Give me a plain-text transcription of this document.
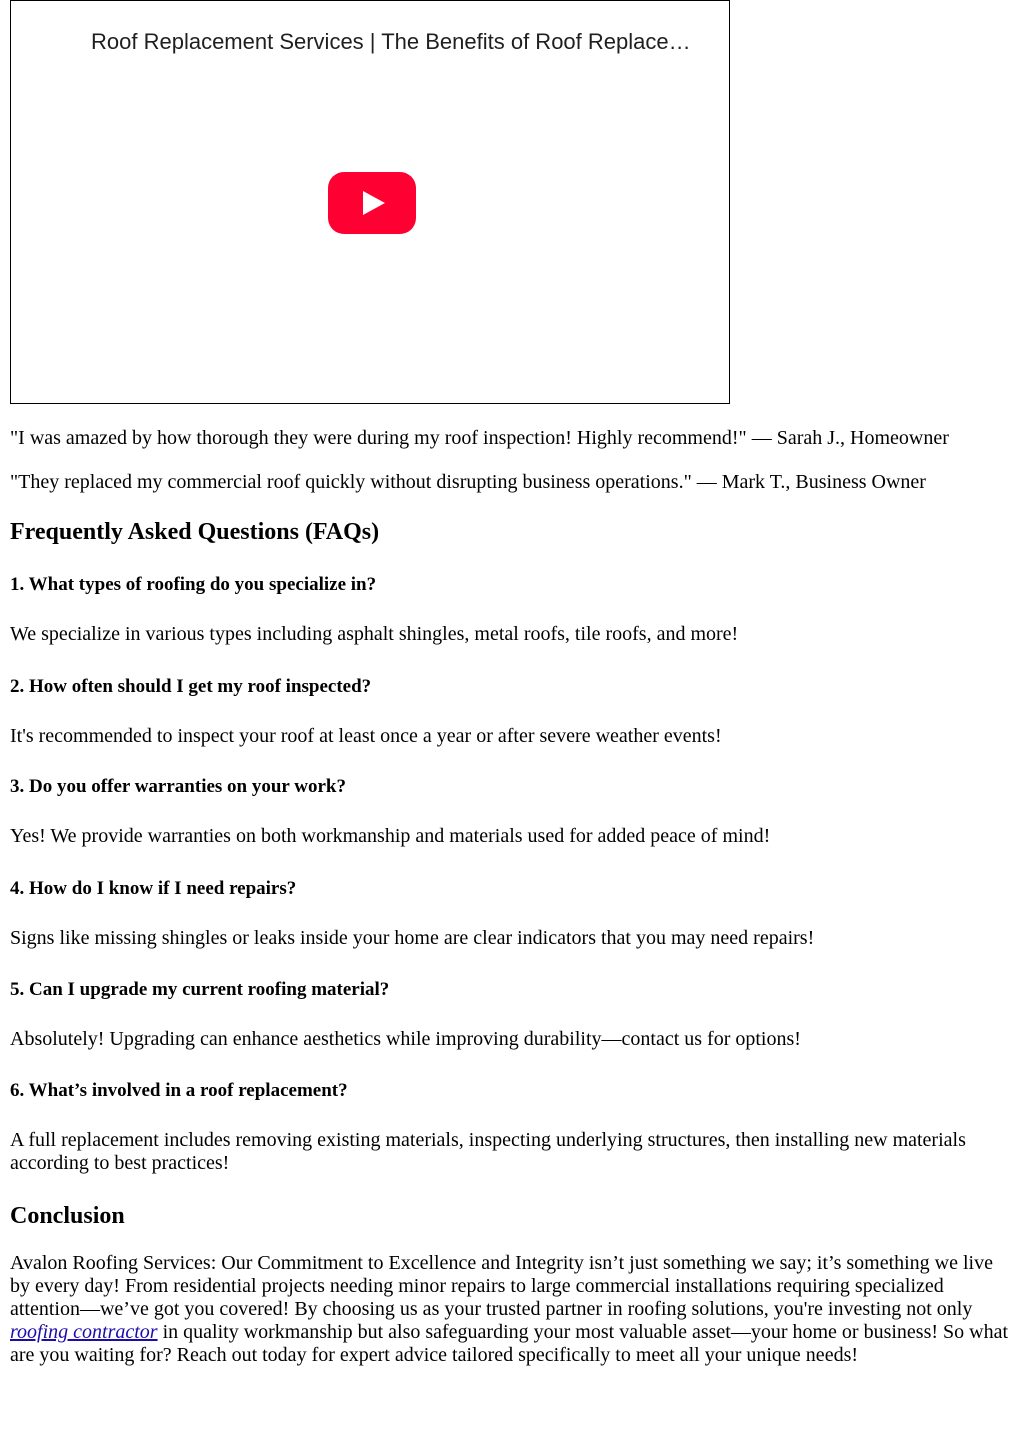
Roof Replacement Services | The Benefits of Roof Replace…

"I was amazed by how thorough they were during my roof inspection! Highly recommend!" — Sarah J., Homeowner

"They replaced my commercial roof quickly without disrupting business operations." — Mark T., Business Owner

Frequently Asked Questions (FAQs)
1. What types of roofing do you specialize in?

We specialize in various types including asphalt shingles, metal roofs, tile roofs, and more!

2. How often should I get my roof inspected?

It's recommended to inspect your roof at least once a year or after severe weather events!

3. Do you offer warranties on your work?

Yes! We provide warranties on both workmanship and materials used for added peace of mind!

4. How do I know if I need repairs?

Signs like missing shingles or leaks inside your home are clear indicators that you may need repairs!

5. Can I upgrade my current roofing material?

Absolutely! Upgrading can enhance aesthetics while improving durability—contact us for options!

6. What’s involved in a roof replacement?

A full replacement includes removing existing materials, inspecting underlying structures, then installing new materials according to best practices!

Conclusion

Avalon Roofing Services: Our Commitment to Excellence and Integrity isn’t just something we say; it’s something we live by every day! From residential projects needing minor repairs to large commercial installations requiring specialized attention—we’ve got you covered! By choosing us as your trusted partner in roofing solutions, you're investing not only roofing contractor in quality workmanship but also safeguarding your most valuable asset—your home or business! So what are you waiting for? Reach out today for expert advice tailored specifically to meet all your unique needs!
